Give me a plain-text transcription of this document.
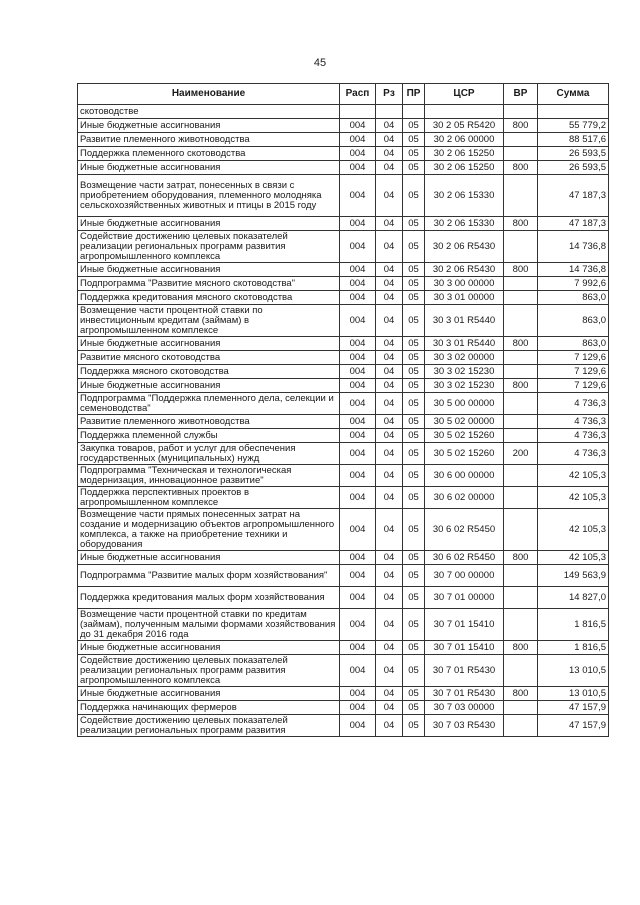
45
Наименование	Расп	Рз	ПР	ЦСР	ВР	Сумма
скотоводстве						
Иные бюджетные ассигнования	004	04	05	30 2 05 R5420	800	55 779,2
Развитие племенного животноводства	004	04	05	30 2 06 00000		88 517,6
Поддержка племенного скотоводства	004	04	05	30 2 06 15250		26 593,5
Иные бюджетные ассигнования	004	04	05	30 2 06 15250	800	26 593,5
Возмещение части затрат, понесенных в связи с приобретением оборудования, племенного молодняка сельскохозяйственных животных и птицы в 2015 году	004	04	05	30 2 06 15330		47 187,3
Иные бюджетные ассигнования	004	04	05	30 2 06 15330	800	47 187,3
Содействие достижению целевых показателей реализации региональных программ развития агропромышленного комплекса	004	04	05	30 2 06 R5430		14 736,8
Иные бюджетные ассигнования	004	04	05	30 2 06 R5430	800	14 736,8
Подпрограмма "Развитие мясного скотоводства"	004	04	05	30 3 00 00000		7 992,6
Поддержка кредитования мясного скотоводства	004	04	05	30 3 01 00000		863,0
Возмещение части процентной ставки по инвестиционным кредитам (займам) в агропромышленном комплексе	004	04	05	30 3 01 R5440		863,0
Иные бюджетные ассигнования	004	04	05	30 3 01 R5440	800	863,0
Развитие мясного скотоводства	004	04	05	30 3 02 00000		7 129,6
Поддержка мясного скотоводства	004	04	05	30 3 02 15230		7 129,6
Иные бюджетные ассигнования	004	04	05	30 3 02 15230	800	7 129,6
Подпрограмма "Поддержка племенного дела, селекции и семеноводства"	004	04	05	30 5 00 00000		4 736,3
Развитие племенного животноводства	004	04	05	30 5 02 00000		4 736,3
Поддержка племенной службы	004	04	05	30 5 02 15260		4 736,3
Закупка товаров, работ и услуг для обеспечения государственных (муниципальных) нужд	004	04	05	30 5 02 15260	200	4 736,3
Подпрограмма "Техническая и технологическая модернизация, инновационное развитие"	004	04	05	30 6 00 00000		42 105,3
Поддержка перспективных проектов в агропромышленном комплексе	004	04	05	30 6 02 00000		42 105,3
Возмещение части прямых понесенных затрат на создание и модернизацию объектов агропромышленного комплекса, а также на приобретение техники и оборудования	004	04	05	30 6 02 R5450		42 105,3
Иные бюджетные ассигнования	004	04	05	30 6 02 R5450	800	42 105,3
Подпрограмма "Развитие малых форм хозяйствования"	004	04	05	30 7 00 00000		149 563,9
Поддержка кредитования малых форм хозяйствования	004	04	05	30 7 01 00000		14 827,0
Возмещение части процентной ставки по кредитам (займам), полученным малыми формами хозяйствования до 31 декабря 2016 года	004	04	05	30 7 01 15410		1 816,5
Иные бюджетные ассигнования	004	04	05	30 7 01 15410	800	1 816,5
Содействие достижению целевых показателей реализации региональных программ развития агропромышленного комплекса	004	04	05	30 7 01 R5430		13 010,5
Иные бюджетные ассигнования	004	04	05	30 7 01 R5430	800	13 010,5
Поддержка начинающих фермеров	004	04	05	30 7 03 00000		47 157,9
Содействие достижению целевых показателей реализации региональных программ развития	004	04	05	30 7 03 R5430		47 157,9
